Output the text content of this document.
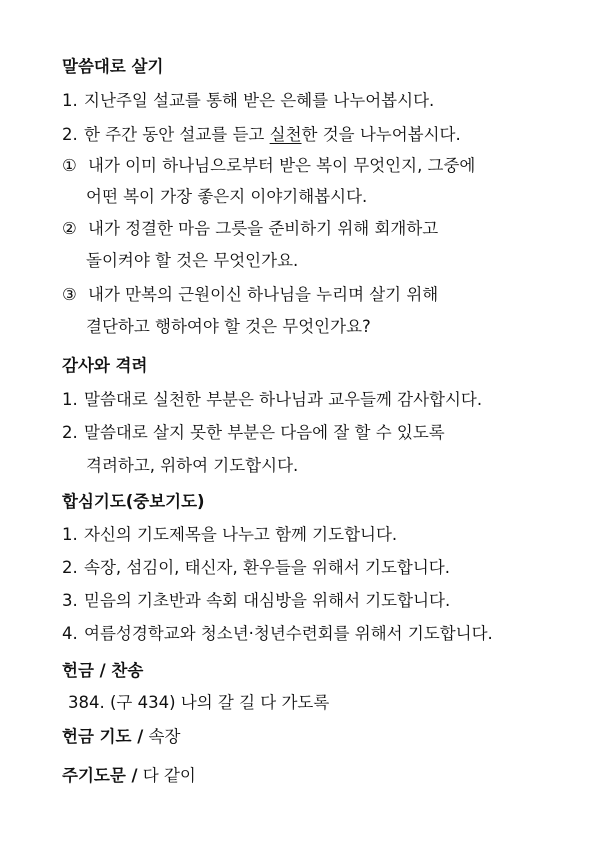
말씀대로 살기
1. 지난주일 설교를 통해 받은 은혜를 나누어봅시다.
2. 한 주간 동안 설교를 듣고 실천한 것을 나누어봅시다.
① 내가 이미 하나님으로부터 받은 복이 무엇인지, 그중에
어떤 복이 가장 좋은지 이야기해봅시다.
② 내가 정결한 마음 그릇을 준비하기 위해 회개하고
돌이켜야 할 것은 무엇인가요.
③ 내가 만복의 근원이신 하나님을 누리며 살기 위해
결단하고 행하여야 할 것은 무엇인가요?
감사와 격려
1. 말씀대로 실천한 부분은 하나님과 교우들께 감사합시다.
2. 말씀대로 살지 못한 부분은 다음에 잘 할 수 있도록
격려하고, 위하여 기도합시다.
합심기도(중보기도)
1. 자신의 기도제목을 나누고 함께 기도합니다.
2. 속장, 섬김이, 태신자, 환우들을 위해서 기도합니다.
3. 믿음의 기초반과 속회 대심방을 위해서 기도합니다.
4. 여름성경학교와 청소년·청년수련회를 위해서 기도합니다.
헌금 / 찬송
384. (구 434) 나의 갈 길 다 가도록
헌금 기도 / 속장
주기도문 / 다 같이
